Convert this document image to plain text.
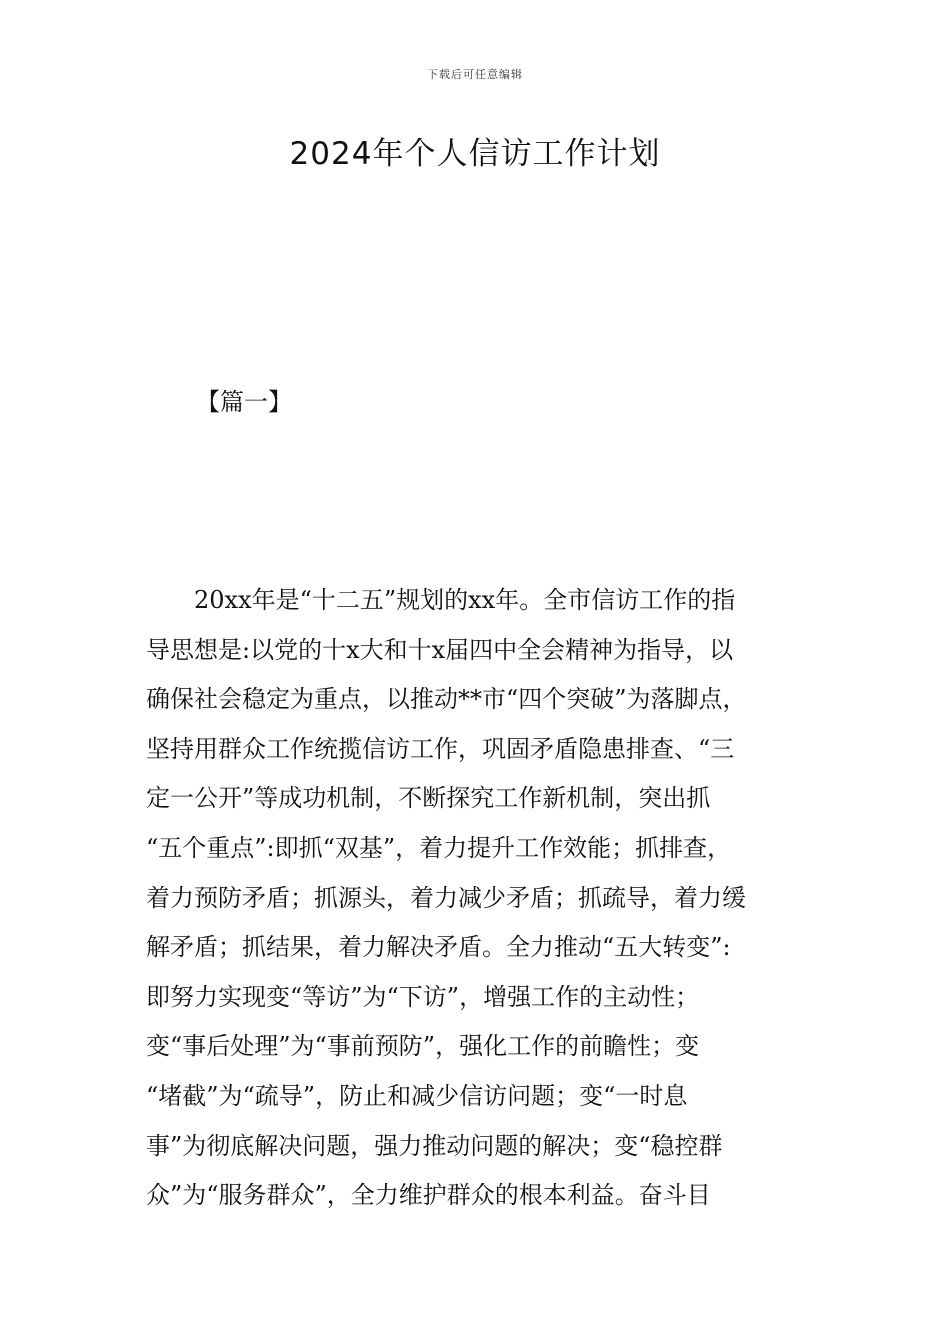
下载后可任意编辑
2024年个人信访工作计划
【篇一】
20xx年是“十二五”规划的xx年。全市信访工作的指
导思想是:以党的十x大和十x届四中全会精神为指导，以
确保社会稳定为重点，以推动**市“四个突破”为落脚点，
坚持用群众工作统揽信访工作，巩固矛盾隐患排查、“三
定一公开”等成功机制，不断探究工作新机制，突出抓
“五个重点”:即抓“双基”，着力提升工作效能；抓排查，
着力预防矛盾；抓源头，着力减少矛盾；抓疏导，着力缓
解矛盾；抓结果，着力解决矛盾。全力推动“五大转变”:
即努力实现变“等访”为“下访”，增强工作的主动性；
变“事后处理”为“事前预防”，强化工作的前瞻性；变
“堵截”为“疏导”，防止和减少信访问题；变“一时息
事”为彻底解决问题，强力推动问题的解决；变“稳控群
众”为“服务群众”，全力维护群众的根本利益。奋斗目
